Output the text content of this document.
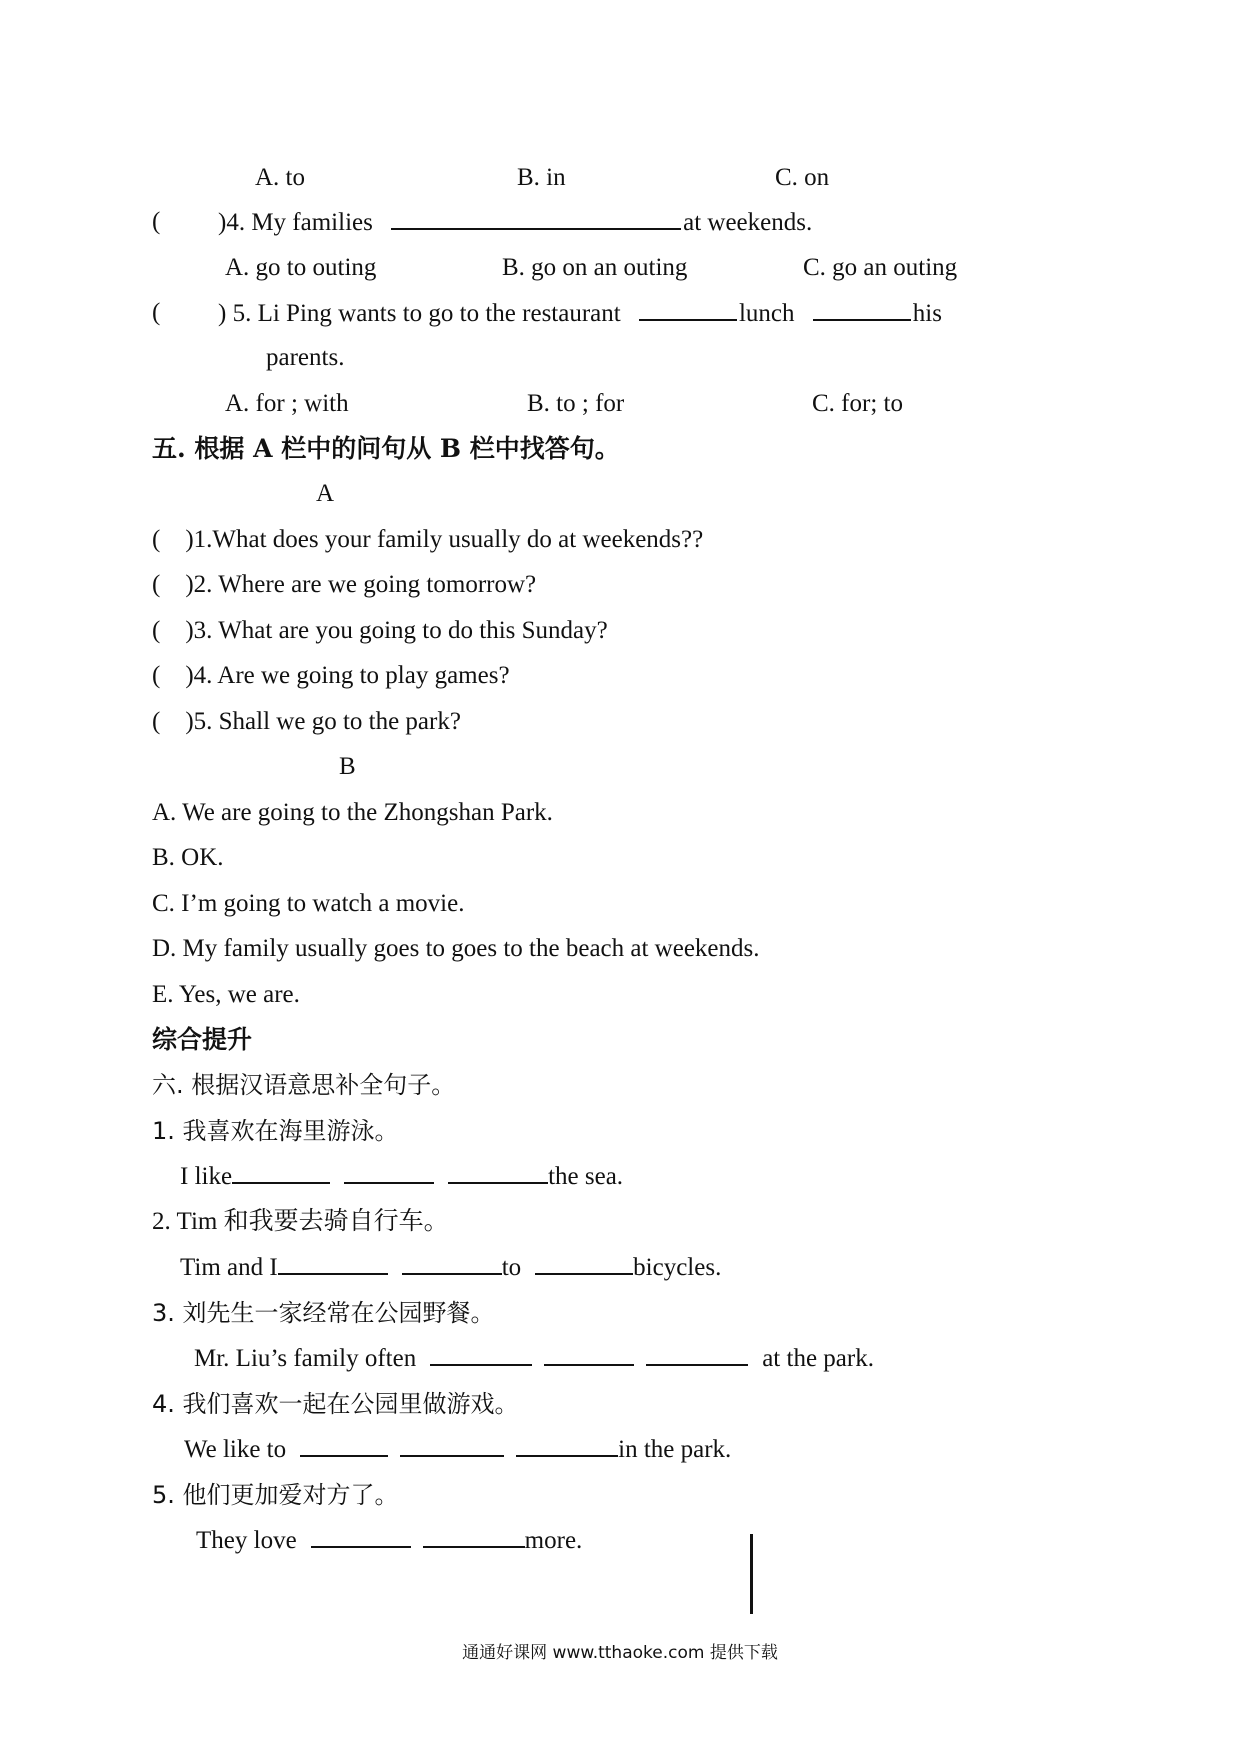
A. to	B. in	C. on
( )4. My families	at weekends.
A. go to outing	B. go on an outing	C. go an outing
( ) 5. Li Ping wants to go to the restaurant	lunch	his
parents.
A. for ; with	B. to ; for	C. for; to
五. 根据 A 栏中的问句从 B 栏中找答句。
A
( )1.What does your family usually do at weekends??
( )2. Where are we going tomorrow?
( )3. What are you going to do this Sunday?
( )4. Are we going to play games?
( )5. Shall we go to the park?
B
A. We are going to the Zhongshan Park.
B. OK.
C. I’m going to watch a movie.
D. My family usually goes to goes to the beach at weekends.
E. Yes, we are.
综合提升
六. 根据汉语意思补全句子。
1. 我喜欢在海里游泳。
I like	the sea.
2. Tim 和我要去骑自行车。
Tim and I	to	bicycles.
3. 刘先生一家经常在公园野餐。
Mr. Liu’s family often	at the park.
4. 我们喜欢一起在公园里做游戏。
We like to	in the park.
5. 他们更加爱对方了。
They love	more.
通通好课网 www.tthaoke.com 提供下载
